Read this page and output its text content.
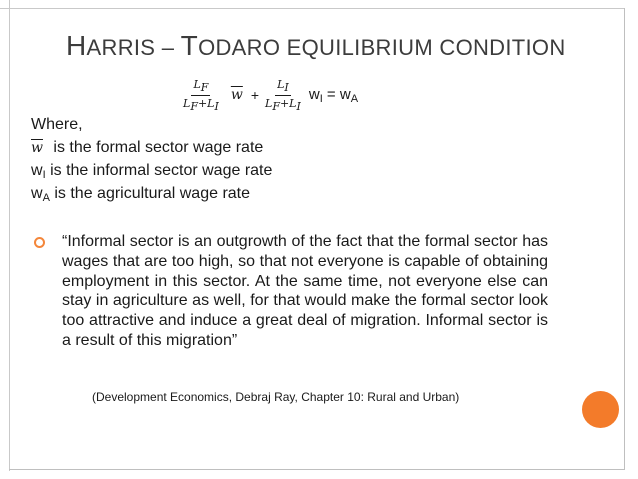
HARRIS – TODARO EQUILIBRIUM CONDITION
$\frac{LF}{LF+LI} \overline{w} + \frac{LI}{LF+LI} w_I = w_A$
Where,
$\overline{w}$ is the formal sector wage rate
$w_I$ is the informal sector wage rate
$w_A$ is the agricultural wage rate
“Informal sector is an outgrowth of the fact that the formal sector has wages that are too high, so that not everyone is capable of obtaining employment in this sector. At the same time, not everyone else can stay in agriculture as well, for that would make the formal sector look too attractive and induce a great deal of migration. Informal sector is a result of this migration”
(Development Economics, Debraj Ray, Chapter 10: Rural and Urban)
